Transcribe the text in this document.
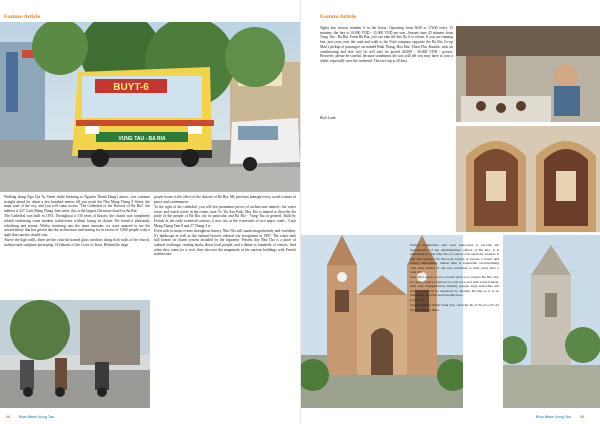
Feature Article
BUYT-6
VUNG TAU - BA RIA

Walking along Ngo Gia Tu Street while listening to Nguyen Thanh Dung's music, you continue straight ahead for about a few hundred meters till you reach the Nha Mang Thang 8 Street, the main road of the city, and you will come across "The Cathedral of the Diocese of Ba Ria", the address is 227 Cach Mang Thang Tam street, this is the largest Christian church in Ba Ria.

The Cathedral was built in 1874. Throughout a 130 years of history, the church was completely rebuilt embracing some modern architecture without losing its charm. We found it pleasantly refreshing and serene. Whilst venturing into the inner sanctum, we were amazed to see the extraordinary that has grown into the architecture and seating for in excess of 1,000 people, truly a sight that tourists should visit.

Above the high walls, there are the colorful stained glass windows along both walls of the church, architectural sculpture portraying 14 Stations of the Cross of Jesus. Behind the large

prayer house is the office of the diocese of Ba Ria. My previous homage every, avoid a sense of peace and contentment.

To the right of the cathedral, you will see prominent pieces of architecture namely: the water tower and watch tower in the center, near Vo Thi Sau Park, Nha Tho is named to describe the pride of the people of Ba Ria city in particular and Ba Ria - Vung Tau in general. Built by French in the early twentieth century, it now sits at the crossroads of two major roads - Cach Mang Thang Tam 8 and 27 Thang 4 st.

Even with so many events throughout history, Nha Tho still stands magnificently and confident. It's landscape as well as the cultural historic cultural site recognized in 1997. The water tank still honors its charm system installed by the Japanese. Present day Nha Tho is a place of cultural exchange, reading books about local people, and a theme to hundreds of visitors. And when they come for a visit, they discover the magnitude of the ancient buildings with French architecture.

38	Blue Wave Vung Tau
Feature Article

Nghia bus station, number 6 in the forest. Operating from 5h30 to 17h30 every 15 minutes, the fare is 10,000 VND - 15,000 VND per seat. Journey time 45 minutes from Vung Tau - Ba Ria. From Ba Ria, you can take the bus No 6 to return. If you are running late, just cross over the road and walk to the Ford company opposite the Ba Ria Co-op Mart's pickup of passenger car named Binh Thang, Hoa Mai, Thien Phu, Kumho, with air conditioning and free wifi (it will only be priced 20,000 - 30,000 VND / person. However, please be careful, because sometimes the taxi will tell you may have to wait a while, especially over the weekend. The taxi trip is 20 km).

Bich Lanh

French architecture and were innovated to become the headquarters of the administrative offices of Ba Ria. It is interesting to visit Nha Tho of course even when the weather is bad and crowded for the local society. A snooze, a scenic and breezy atmosphere. Sunset here is somewhat overwhelming with hues shades of red rose retreating to their nests after a long day.

You don't need to own a travel service to explore Ba Ria city. Go soon if just to explore on your own and with some friends, with easy transportation, friendly people, large sidewalks and streets, you will be surprised by modern Ba Ria as it is an extremely peaceful and tranquil place.

Local Tip

Transportation: From Vung Tau, catch the No 9, No 6 or No 22 bus at Nam Ky Khoi

Blue Wave Vung Tau	39
